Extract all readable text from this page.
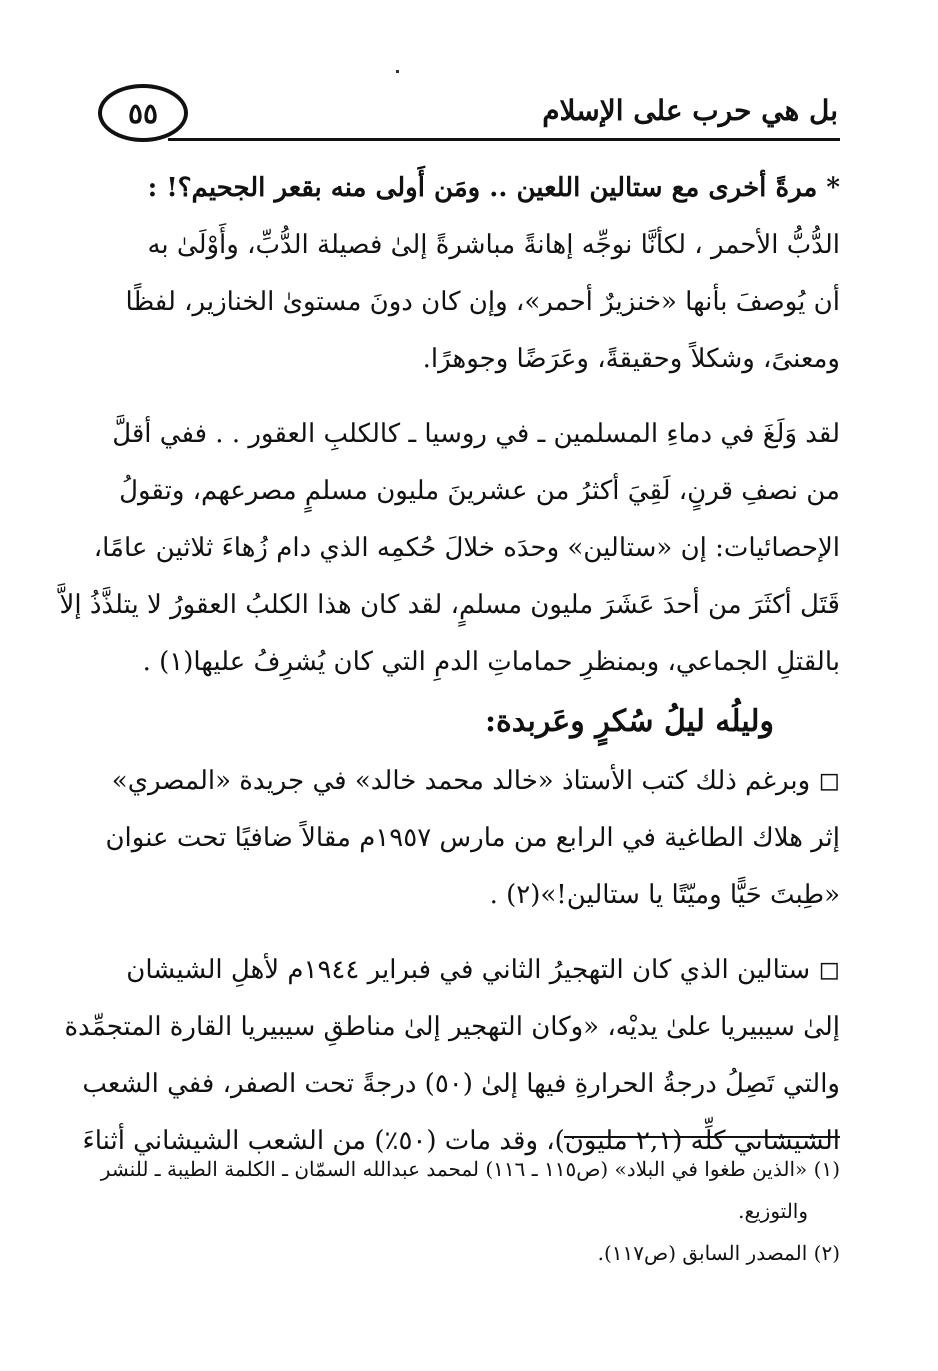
٥٥	بل هي حرب على الإسلام
* مرةً أخرى مع ستالين اللعين .. ومَن أَولى منه بقعر الجحيم؟! :
الدُّبُّ الأحمر ، لكأنَّا نوجِّه إهانةً مباشرةً إلىٰ فصيلة الدُّبِّ، وأَوْلَىٰ به
أن يُوصفَ بأنها «خنزيرٌ أحمر»، وإن كان دونَ مستوىٰ الخنازير، لفظًا
ومعنىً، وشكلاً وحقيقةً، وعَرَضًا وجوهرًا.
لقد وَلَغَ في دماءِ المسلمين ـ في روسيا ـ كالكلبِ العقور . . ففي أقلَّ
من نصفِ قرنٍ، لَقِيَ أكثرُ من عشرينَ مليون مسلمٍ مصرعهم، وتقولُ
الإحصائيات: إن «ستالين» وحدَه خلالَ حُكمِه الذي دام زُهاءَ ثلاثين عامًا،
قَتَل أكثَرَ من أحدَ عَشَرَ مليون مسلمٍ، لقد كان هذا الكلبُ العقورُ لا يتلذَّذُ إلاَّ
بالقتلِ الجماعي، وبمنظرِ حماماتِ الدمِ التي كان يُشرِفُ عليها(١) .
وليلُه ليلُ سُكرٍ وعَربدة:
◻ وبرغم ذلك كتب الأستاذ «خالد محمد خالد» في جريدة «المصري»
إثر هلاك الطاغية في الرابع من مارس ١٩٥٧م مقالاً ضافيًا تحت عنوان
«طِبتَ حَيًّا وميّتًا يا ستالين!»(٢) .
◻ ستالين الذي كان التهجيرُ الثاني في فبراير ١٩٤٤م لأهلِ الشيشان
إلىٰ سيبيريا علىٰ يديْه، «وكان التهجير إلىٰ مناطقِ سيبيريا القارة المتجمِّدة
والتي تَصِلُ درجةُ الحرارةِ فيها إلىٰ (٥٠) درجةً تحت الصفر، ففي الشعب
الشيشاني كلِّه (٢,١ مليون)، وقد مات (٥٠٪) من الشعب الشيشاني أثناءَ
(١) «الذين طغوا في البلاد» (ص١١٥ ـ ١١٦) لمحمد عبدالله السمّان ـ الكلمة الطيبة ـ للنشر
والتوزيع.
(٢) المصدر السابق (ص١١٧).
